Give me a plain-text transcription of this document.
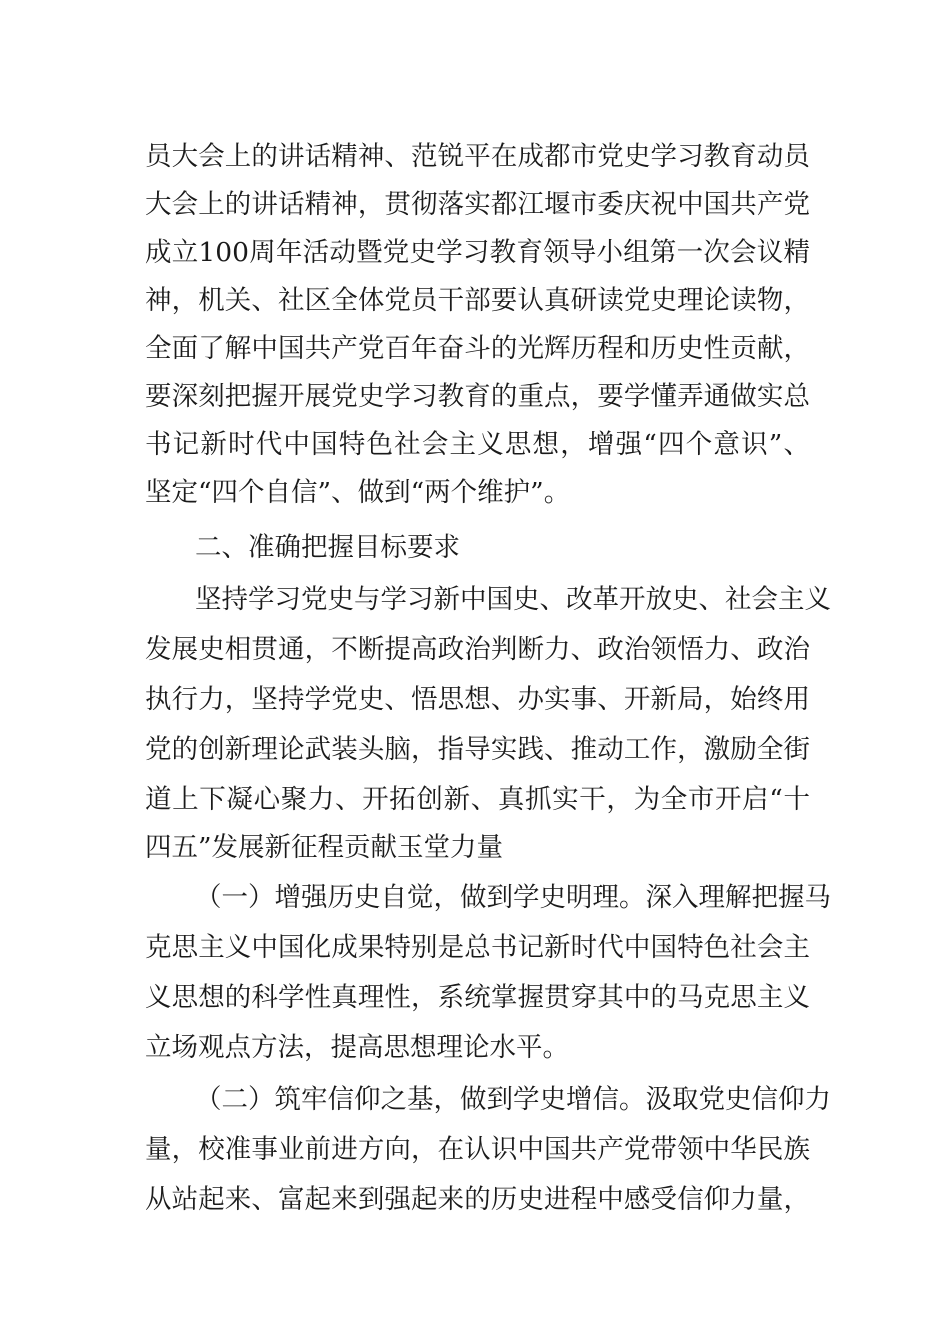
员大会上的讲话精神、范锐平在成都市党史学习教育动员
大会上的讲话精神，贯彻落实都江堰市委庆祝中国共产党
成立100周年活动暨党史学习教育领导小组第一次会议精
神，机关、社区全体党员干部要认真研读党史理论读物，
全面了解中国共产党百年奋斗的光辉历程和历史性贡献，
要深刻把握开展党史学习教育的重点，要学懂弄通做实总
书记新时代中国特色社会主义思想，增强“四个意识”、
坚定“四个自信”、做到“两个维护”。
二、准确把握目标要求
坚持学习党史与学习新中国史、改革开放史、社会主义
发展史相贯通，不断提高政治判断力、政治领悟力、政治
执行力，坚持学党史、悟思想、办实事、开新局，始终用
党的创新理论武装头脑，指导实践、推动工作，激励全街
道上下凝心聚力、开拓创新、真抓实干，为全市开启“十
四五”发展新征程贡献玉堂力量
（一）增强历史自觉，做到学史明理。深入理解把握马
克思主义中国化成果特别是总书记新时代中国特色社会主
义思想的科学性真理性，系统掌握贯穿其中的马克思主义
立场观点方法，提高思想理论水平。
（二）筑牢信仰之基，做到学史增信。汲取党史信仰力
量，校准事业前进方向，在认识中国共产党带领中华民族
从站起来、富起来到强起来的历史进程中感受信仰力量，
